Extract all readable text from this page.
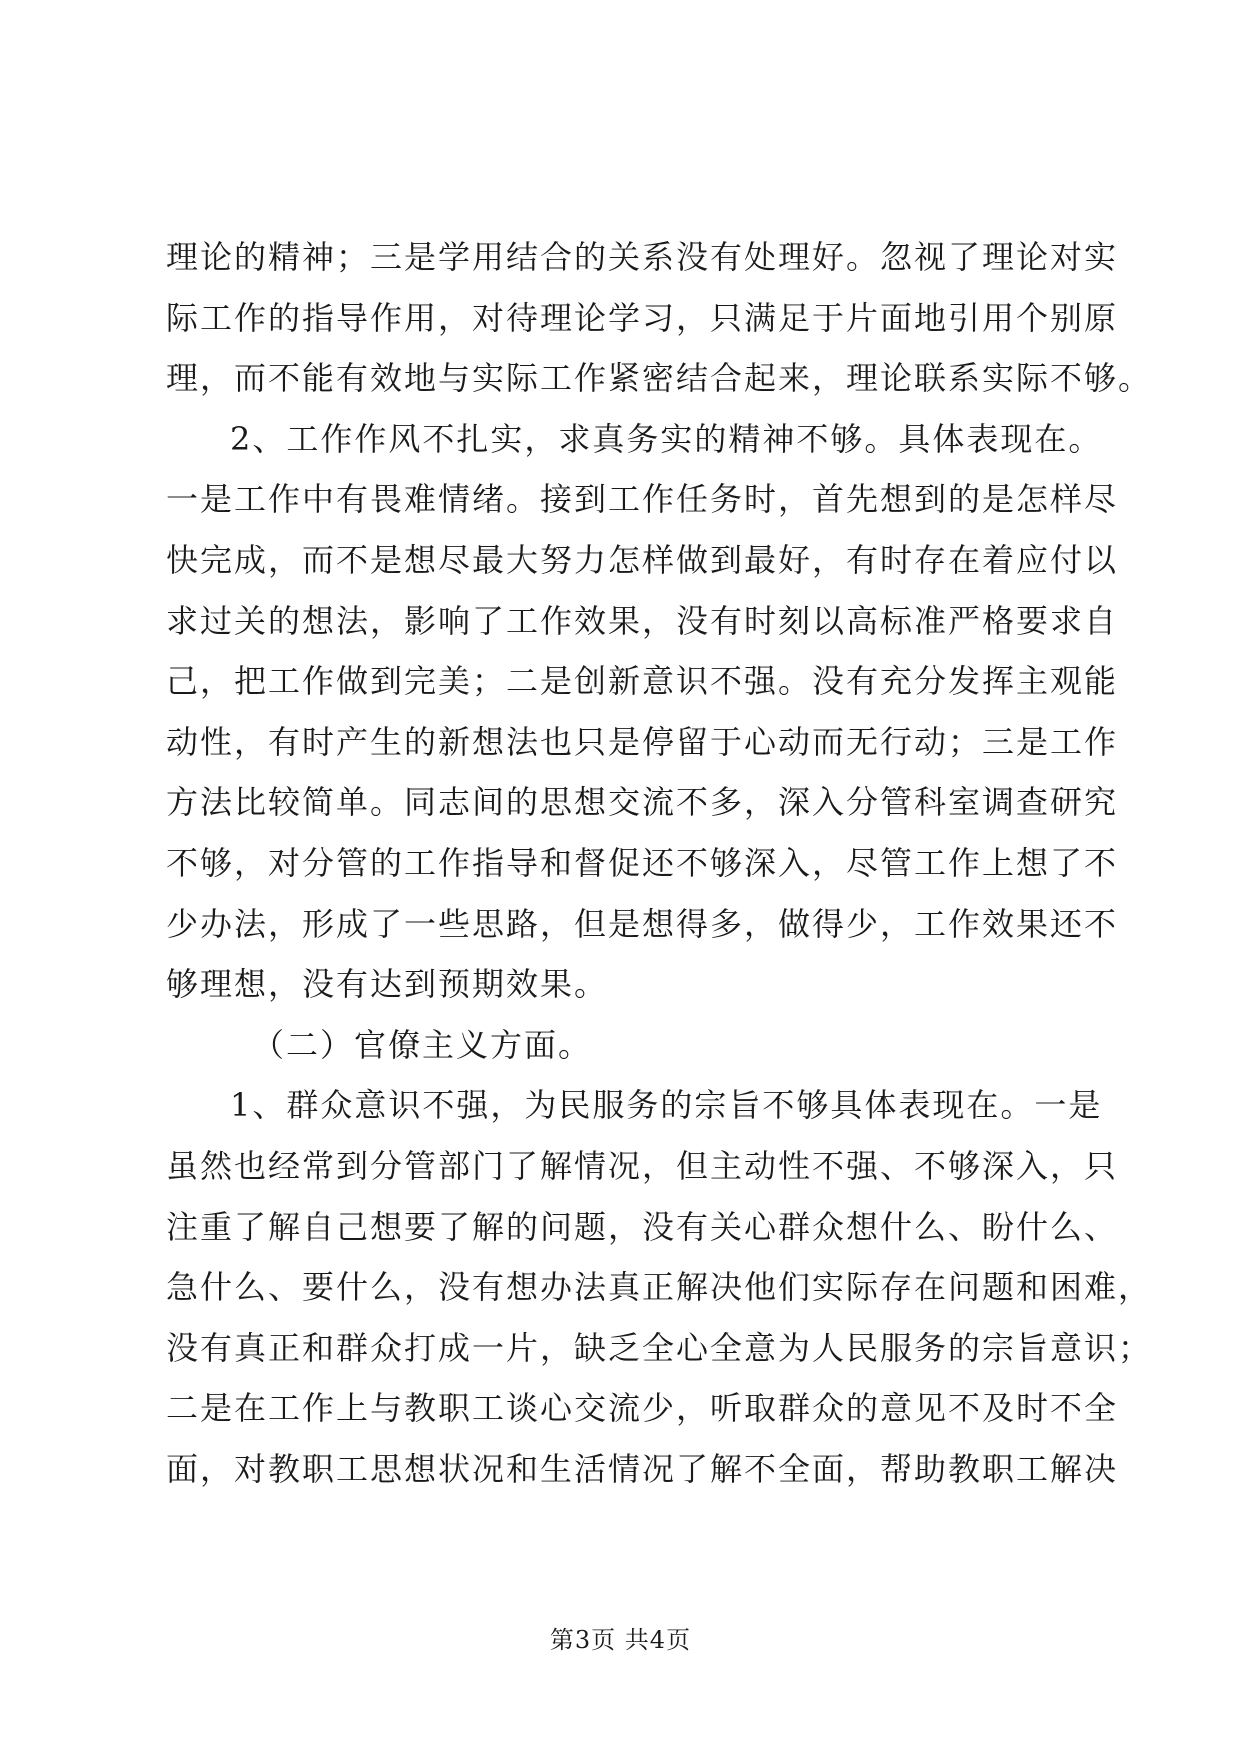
理论的精神；三是学用结合的关系没有处理好。忽视了理论对实
际工作的指导作用，对待理论学习，只满足于片面地引用个别原
理，而不能有效地与实际工作紧密结合起来，理论联系实际不够。
2、工作作风不扎实，求真务实的精神不够。具体表现在。
一是工作中有畏难情绪。接到工作任务时，首先想到的是怎样尽
快完成，而不是想尽最大努力怎样做到最好，有时存在着应付以
求过关的想法，影响了工作效果，没有时刻以高标准严格要求自
己，把工作做到完美；二是创新意识不强。没有充分发挥主观能
动性，有时产生的新想法也只是停留于心动而无行动；三是工作
方法比较简单。同志间的思想交流不多，深入分管科室调查研究
不够，对分管的工作指导和督促还不够深入，尽管工作上想了不
少办法，形成了一些思路，但是想得多，做得少，工作效果还不
够理想，没有达到预期效果。
（二）官僚主义方面。
1、群众意识不强，为民服务的宗旨不够具体表现在。一是
虽然也经常到分管部门了解情况，但主动性不强、不够深入，只
注重了解自己想要了解的问题，没有关心群众想什么、盼什么、
急什么、要什么，没有想办法真正解决他们实际存在问题和困难，
没有真正和群众打成一片，缺乏全心全意为人民服务的宗旨意识；
二是在工作上与教职工谈心交流少，听取群众的意见不及时不全
面，对教职工思想状况和生活情况了解不全面，帮助教职工解决
第3页 共4页
